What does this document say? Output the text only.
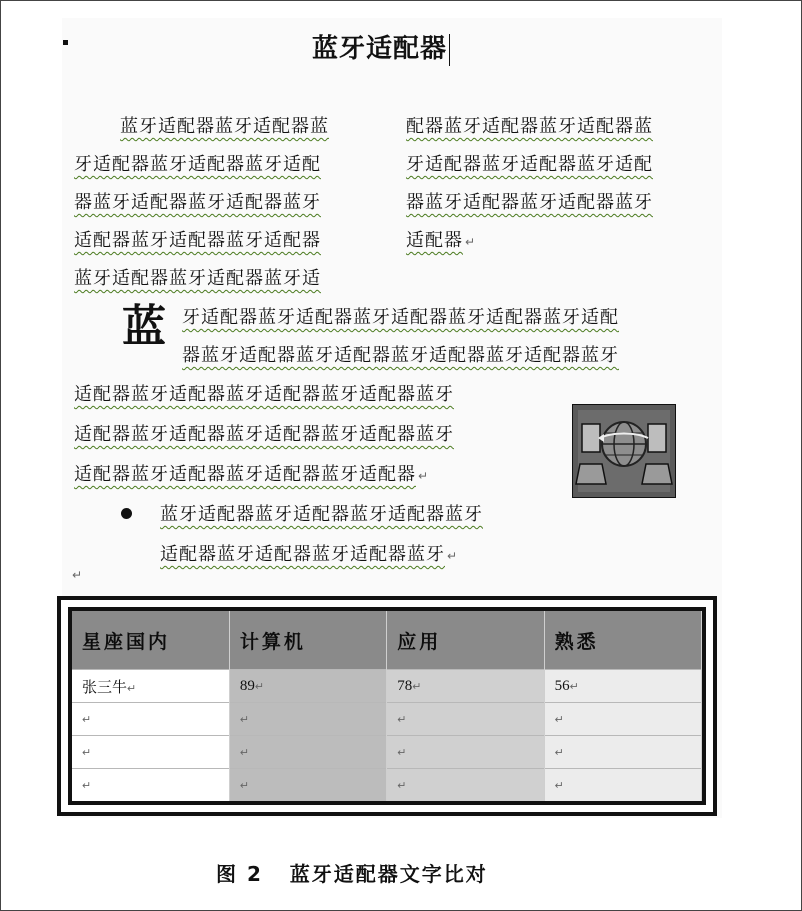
蓝牙适配器
蓝牙适配器蓝牙适配器蓝
牙适配器蓝牙适配器蓝牙适配
器蓝牙适配器蓝牙适配器蓝牙
适配器蓝牙适配器蓝牙适配器
蓝牙适配器蓝牙适配器蓝牙适
配器蓝牙适配器蓝牙适配器蓝
牙适配器蓝牙适配器蓝牙适配
器蓝牙适配器蓝牙适配器蓝牙
适配器 ↵
蓝 牙适配器蓝牙适配器蓝牙适配器蓝牙适配器蓝牙适配
器蓝牙适配器蓝牙适配器蓝牙适配器蓝牙适配器蓝牙
适配器蓝牙适配器蓝牙适配器蓝牙适配器蓝牙
适配器蓝牙适配器蓝牙适配器蓝牙适配器蓝牙
适配器蓝牙适配器蓝牙适配器蓝牙适配器 ↵
蓝牙适配器蓝牙适配器蓝牙适配器蓝牙
适配器蓝牙适配器蓝牙适配器蓝牙 ↵
↵
星座国内	计算机	应用	熟悉
张三牛↵	89↵	78↵	56↵
↵	↵	↵	↵
↵	↵	↵	↵
↵	↵	↵	↵
图 2   蓝牙适配器文字比对
